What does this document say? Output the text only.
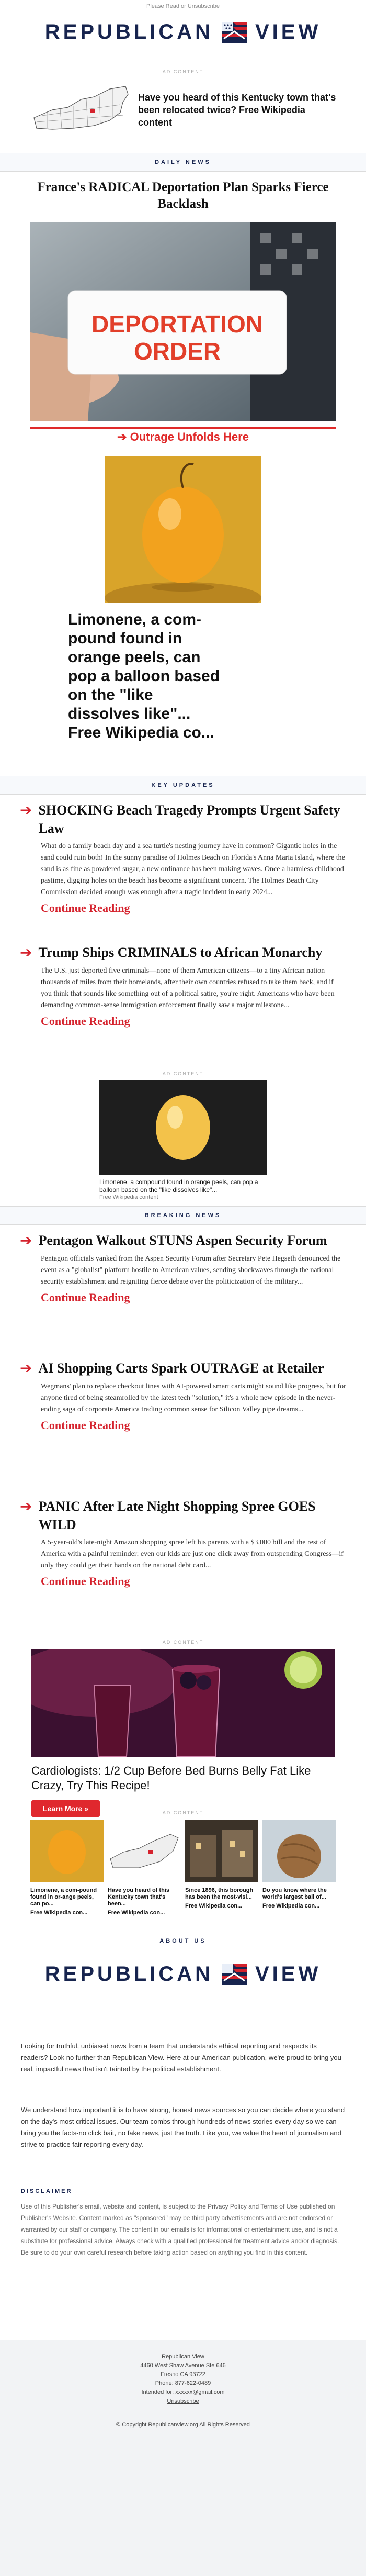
Please Read or Unsubscribe
REPUBLICAN VIEW
AD CONTENT
Have you heard of this Kentucky town that's been relocated twice? Free Wikipedia content
DAILY NEWS
France's RADICAL Deportation Plan Sparks Fierce Backlash
DEPORTATION
ORDER
➔ Outrage Unfolds Here
Limonene, a com-pound found in orange peels, can pop a balloon based on the "like dissolves like"... Free Wikipedia co...
KEY UPDATES
➔ SHOCKING Beach Tragedy Prompts Urgent Safety Law
What do a family beach day and a sea turtle's nesting journey have in common? Gigantic holes in the sand could ruin both! In the sunny paradise of Holmes Beach on Florida's Anna Maria Island, where the sand is as fine as powdered sugar, a new ordinance has been making waves. Once a harmless childhood pastime, digging holes on the beach has become a significant concern. The Holmes Beach City Commission decided enough was enough after a tragic incident in early 2024...
Continue Reading
➔ Trump Ships CRIMINALS to African Monarchy
The U.S. just deported five criminals—none of them American citizens—to a tiny African nation thousands of miles from their homelands, after their own countries refused to take them back, and if you think that sounds like something out of a political satire, you're right. Americans who have been demanding common-sense immigration enforcement finally saw a major milestone...
Continue Reading
AD CONTENT
Limonene, a compound found in orange peels, can pop a balloon based on the "like dissolves like"...
Free Wikipedia content
BREAKING NEWS
➔ Pentagon Walkout STUNS Aspen Security Forum
Pentagon officials yanked from the Aspen Security Forum after Secretary Pete Hegseth denounced the event as a "globalist" platform hostile to American values, sending shockwaves through the national security establishment and reigniting fierce debate over the politicization of the military...
Continue Reading
➔ AI Shopping Carts Spark OUTRAGE at Retailer
Wegmans' plan to replace checkout lines with AI-powered smart carts might sound like progress, but for anyone tired of being steamrolled by the latest tech "solution," it's a whole new episode in the never-ending saga of corporate America trading common sense for Silicon Valley pipe dreams...
Continue Reading
➔ PANIC After Late Night Shopping Spree GOES WILD
A 5-year-old's late-night Amazon shopping spree left his parents with a $3,000 bill and the rest of America with a painful reminder: even our kids are just one click away from outspending Congress—if only they could get their hands on the national debt card...
Continue Reading
AD CONTENT
Cardiologists: 1/2 Cup Before Bed Burns Belly Fat Like Crazy, Try This Recipe!
Learn More »	AD CONTENT
Limonene, a com-pound found in or-ange peels, can po...
Free Wikipedia con...
Have you heard of this Kentucky town that's been...
Free Wikipedia con...
Since 1896, this borough has been the most-visi...
Free Wikipedia con...
Do you know where the world's largest ball of...
Free Wikipedia con...
ABOUT US
REPUBLICAN VIEW
Looking for truthful, unbiased news from a team that understands ethical reporting and respects its readers? Look no further than Republican View. Here at our American publication, we're proud to bring you real, impactful news that isn't tainted by the political establishment.
We understand how important it is to have strong, honest news sources so you can decide where you stand on the day's most critical issues. Our team combs through hundreds of news stories every day so we can bring you the facts-no click bait, no fake news, just the truth. Like you, we value the heart of journalism and strive to practice fair reporting every day.
DISCLAIMER
Use of this Publisher's email, website and content, is subject to the Privacy Policy and Terms of Use published on Publisher's Website. Content marked as "sponsored" may be third party advertisements and are not endorsed or warranted by our staff or company. The content in our emails is for informational or entertainment use, and is not a substitute for professional advice. Always check with a qualified professional for treatment advice and/or diagnosis. Be sure to do your own careful research before taking action based on anything you find in this content.
Republican View
4460 West Shaw Avenue Ste 646
Fresno CA 93722
Phone: 877-622-0489
Intended for: xxxxxx@gmail.com
Unsubscribe
© Copyright Republicanview.org All Rights Reserved
